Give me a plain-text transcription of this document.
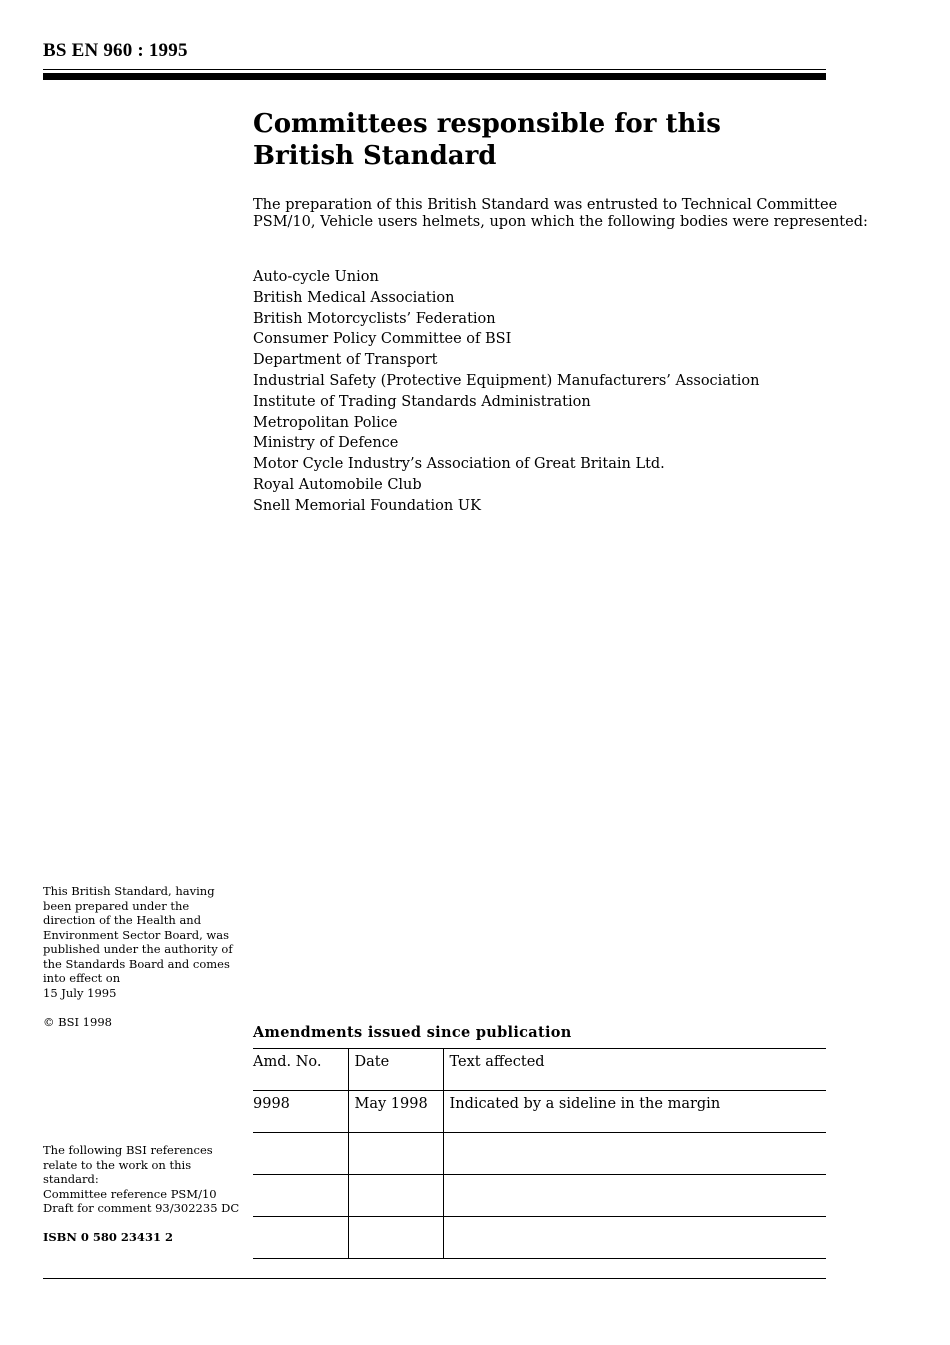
BS EN 960 : 1995
Committees responsible for this
British Standard

The preparation of this British Standard was entrusted to Technical Committee
PSM/10, Vehicle users helmets, upon which the following bodies were represented:

Auto-cycle Union
British Medical Association
British Motorcyclists’ Federation
Consumer Policy Committee of BSI
Department of Transport
Industrial Safety (Protective Equipment) Manufacturers’ Association
Institute of Trading Standards Administration
Metropolitan Police
Ministry of Defence
Motor Cycle Industry’s Association of Great Britain Ltd.
Royal Automobile Club
Snell Memorial Foundation UK
This British Standard, having
been prepared under the
direction of the Health and
Environment Sector Board, was
published under the authority of
the Standards Board and comes
into effect on
15 July 1995
© BSI 1998
Amendments issued since publication
Amd. No.	Date	Text affected
9998	May 1998	Indicated by a sideline in the margin

The following BSI references
relate to the work on this
standard:
Committee reference PSM/10
Draft for comment 93/302235 DC
ISBN 0 580 23431 2
